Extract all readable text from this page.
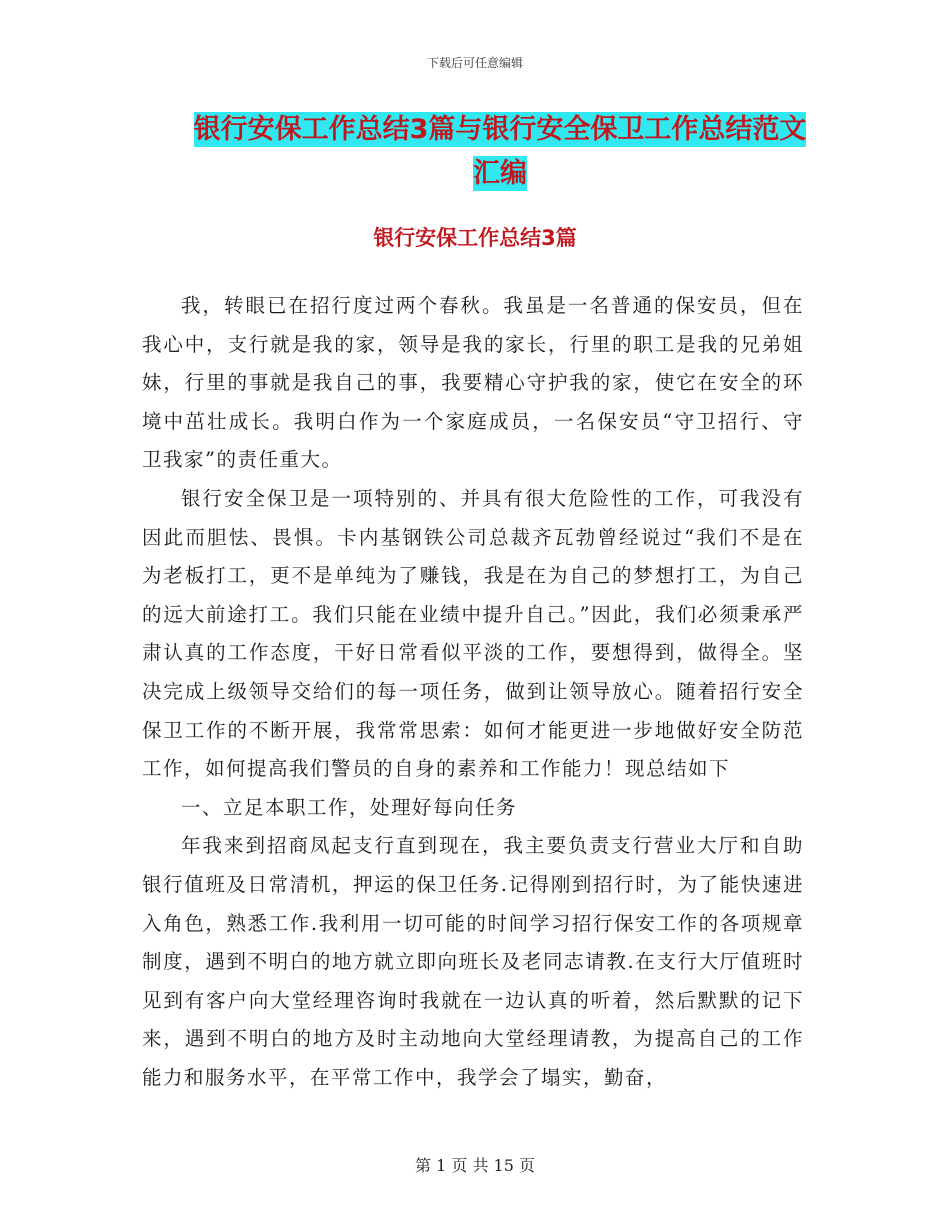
下载后可任意编辑
银行安保工作总结3篇与银行安全保卫工作总结范文汇编
银行安保工作总结3篇

我，转眼已在招行度过两个春秋。我虽是一名普通的保安员，但在我心中，支行就是我的家，领导是我的家长，行里的职工是我的兄弟姐妹，行里的事就是我自己的事，我要精心守护我的家，使它在安全的环境中茁壮成长。我明白作为一个家庭成员，一名保安员“守卫招行、守卫我家”的责任重大。

银行安全保卫是一项特别的、并具有很大危险性的工作，可我没有因此而胆怯、畏惧。卡内基钢铁公司总裁齐瓦勃曾经说过“我们不是在为老板打工，更不是单纯为了赚钱，我是在为自己的梦想打工，为自己的远大前途打工。我们只能在业绩中提升自己。”因此，我们必须秉承严肃认真的工作态度，干好日常看似平淡的工作，要想得到，做得全。坚决完成上级领导交给们的每一项任务，做到让领导放心。随着招行安全保卫工作的不断开展，我常常思索：如何才能更进一步地做好安全防范工作，如何提高我们警员的自身的素养和工作能力！现总结如下

一、立足本职工作，处理好每向任务

年我来到招商凤起支行直到现在，我主要负责支行营业大厅和自助银行值班及日常清机，押运的保卫任务.记得刚到招行时，为了能快速进入角色，熟悉工作.我利用一切可能的时间学习招行保安工作的各项规章制度，遇到不明白的地方就立即向班长及老同志请教.在支行大厅值班时见到有客户向大堂经理咨询时我就在一边认真的听着，然后默默的记下来，遇到不明白的地方及时主动地向大堂经理请教，为提高自己的工作能力和服务水平，在平常工作中，我学会了塌实，勤奋，

第 1 页 共 15 页
